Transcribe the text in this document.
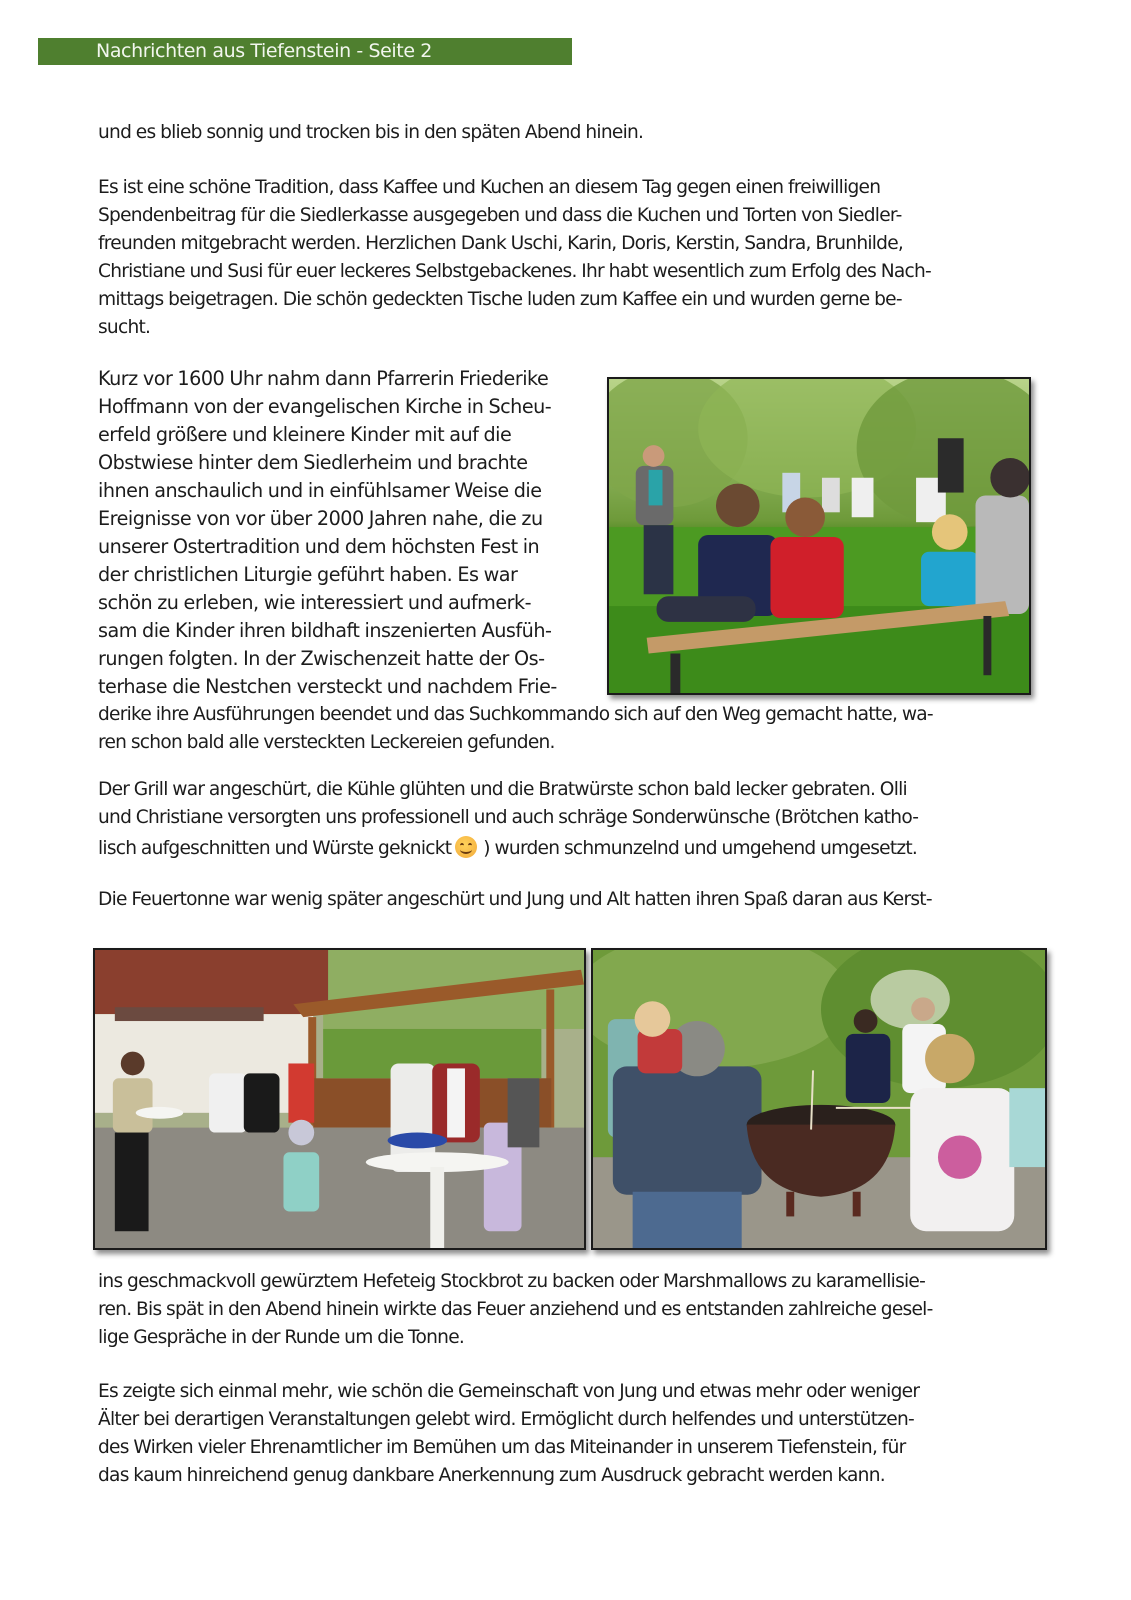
Nachrichten aus Tiefenstein - Seite 2

und es blieb sonnig und trocken bis in den späten Abend hinein.

Es ist eine schöne Tradition, dass Kaffee und Kuchen an diesem Tag gegen einen freiwilligen
Spendenbeitrag für die Siedlerkasse ausgegeben und dass die Kuchen und Torten von Siedler-
freunden mitgebracht werden. Herzlichen Dank Uschi, Karin, Doris, Kerstin, Sandra, Brunhilde,
Christiane und Susi für euer leckeres Selbstgebackenes. Ihr habt wesentlich zum Erfolg des Nach-
mittags beigetragen. Die schön gedeckten Tische luden zum Kaffee ein und wurden gerne be-
sucht.

Kurz vor 1600 Uhr nahm dann Pfarrerin Friederike
Hoffmann von der evangelischen Kirche in Scheu-
erfeld größere und kleinere Kinder mit auf die
Obstwiese hinter dem Siedlerheim und brachte
ihnen anschaulich und in einfühlsamer Weise die
Ereignisse von vor über 2000 Jahren nahe, die zu
unserer Ostertradition und dem höchsten Fest in
der christlichen Liturgie geführt haben. Es war
schön zu erleben, wie interessiert und aufmerk-
sam die Kinder ihren bildhaft inszenierten Ausfüh-
rungen folgten. In der Zwischenzeit hatte der Os-
terhase die Nestchen versteckt und nachdem Frie-

derike ihre Ausführungen beendet und das Suchkommando sich auf den Weg gemacht hatte, wa-
ren schon bald alle versteckten Leckereien gefunden.

Der Grill war angeschürt, die Kühle glühten und die Bratwürste schon bald lecker gebraten. Olli
und Christiane versorgten uns professionell und auch schräge Sonderwünsche (Brötchen katho-
lisch aufgeschnitten und Würste geknickt ) wurden schmunzelnd und umgehend umgesetzt.

Die Feuertonne war wenig später angeschürt und Jung und Alt hatten ihren Spaß daran aus Kerst-

ins geschmackvoll gewürztem Hefeteig Stockbrot zu backen oder Marshmallows zu karamellisie-
ren. Bis spät in den Abend hinein wirkte das Feuer anziehend und es entstanden zahlreiche gesel-
lige Gespräche in der Runde um die Tonne.

Es zeigte sich einmal mehr, wie schön die Gemeinschaft von Jung und etwas mehr oder weniger
Älter bei derartigen Veranstaltungen gelebt wird. Ermöglicht durch helfendes und unterstützen-
des Wirken vieler Ehrenamtlicher im Bemühen um das Miteinander in unserem Tiefenstein, für
das kaum hinreichend genug dankbare Anerkennung zum Ausdruck gebracht werden kann.
